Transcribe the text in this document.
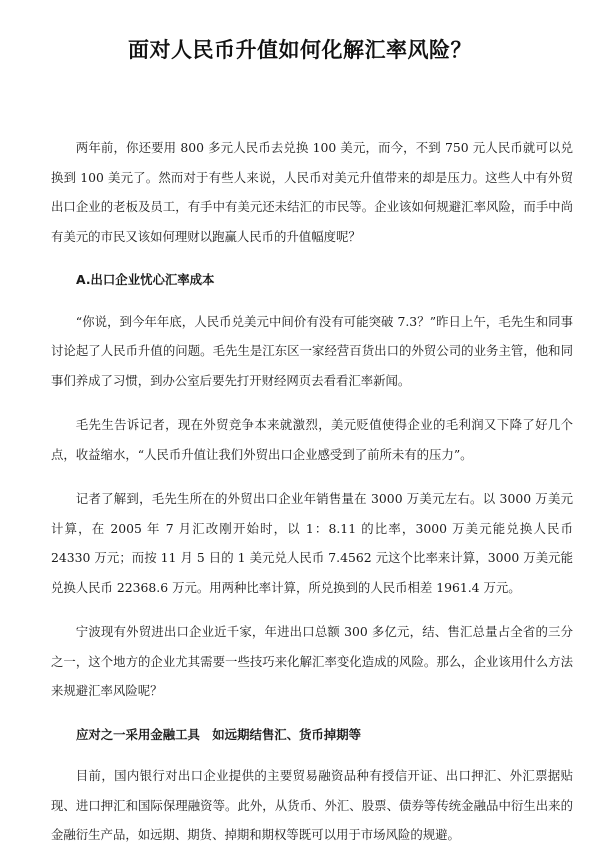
面对人民币升值如何化解汇率风险？

两年前，你还要用 800 多元人民币去兑换 100 美元，而今，不到 750 元人民币就可以兑换到 100 美元了。然而对于有些人来说，人民币对美元升值带来的却是压力。这些人中有外贸出口企业的老板及员工，有手中有美元还未结汇的市民等。企业该如何规避汇率风险，而手中尚有美元的市民又该如何理财以跑赢人民币的升值幅度呢？

A.出口企业忧心汇率成本

“你说，到今年年底，人民币兑美元中间价有没有可能突破 7.3？”昨日上午，毛先生和同事讨论起了人民币升值的问题。毛先生是江东区一家经营百货出口的外贸公司的业务主管，他和同事们养成了习惯，到办公室后要先打开财经网页去看看汇率新闻。

毛先生告诉记者，现在外贸竞争本来就激烈，美元贬值使得企业的毛利润又下降了好几个点，收益缩水，“人民币升值让我们外贸出口企业感受到了前所未有的压力”。

记者了解到，毛先生所在的外贸出口企业年销售量在 3000 万美元左右。以 3000 万美元计算，在 2005 年 7 月汇改刚开始时，以 1：8.11 的比率，3000 万美元能兑换人民币 24330 万元；而按 11 月 5 日的 1 美元兑人民币 7.4562 元这个比率来计算，3000 万美元能兑换人民币 22368.6 万元。用两种比率计算，所兑换到的人民币相差 1961.4 万元。

宁波现有外贸进出口企业近千家，年进出口总额 300 多亿元，结、售汇总量占全省的三分之一，这个地方的企业尤其需要一些技巧来化解汇率变化造成的风险。那么，企业该用什么方法来规避汇率风险呢？

应对之一采用金融工具　如远期结售汇、货币掉期等

目前，国内银行对出口企业提供的主要贸易融资品种有授信开证、出口押汇、外汇票据贴现、进口押汇和国际保理融资等。此外，从货币、外汇、股票、债券等传统金融品中衍生出来的金融衍生产品，如远期、期货、掉期和期权等既可以用于市场风险的规避。
